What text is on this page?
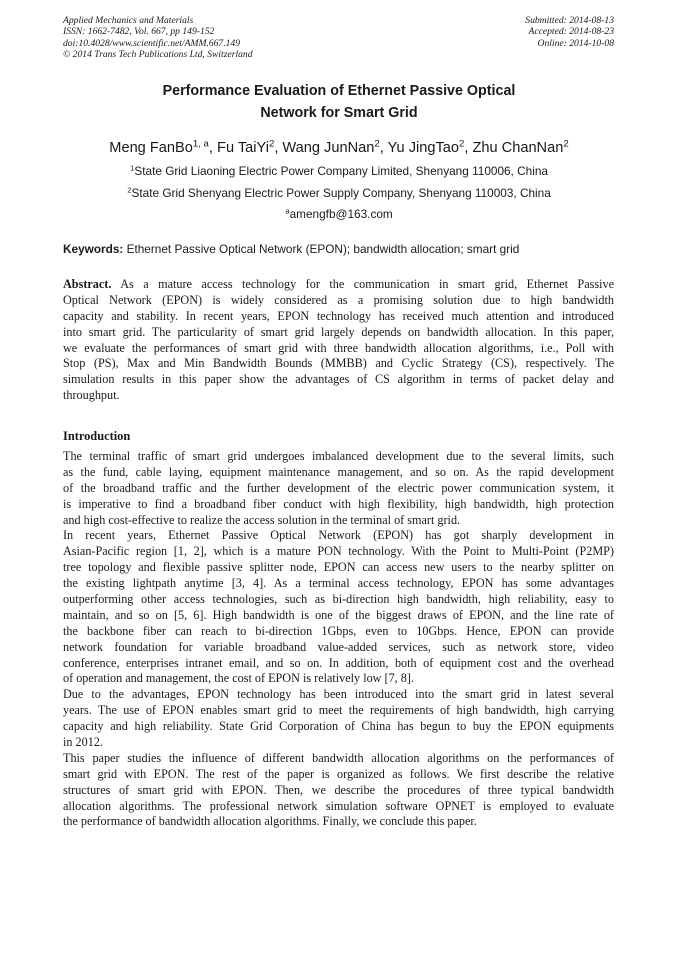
Applied Mechanics and Materials
ISSN: 1662-7482, Vol. 667, pp 149-152
doi:10.4028/www.scientific.net/AMM.667.149
© 2014 Trans Tech Publications Ltd, Switzerland
Submitted: 2014-08-13
Accepted: 2014-08-23
Online: 2014-10-08
Performance Evaluation of Ethernet Passive Optical
Network for Smart Grid
Meng FanBo$^{1, a}$, Fu TaiYi$^2$, Wang JunNan$^2$, Yu JingTao$^2$, Zhu ChanNan$^2$
$^1$State Grid Liaoning Electric Power Company Limited, Shenyang 110006, China
$^2$State Grid Shenyang Electric Power Supply Company, Shenyang 110003, China
$^a$amengfb@163.com
Keywords: Ethernet Passive Optical Network (EPON); bandwidth allocation; smart grid
Abstract. As a mature access technology for the communication in smart grid, Ethernet Passive
Optical Network (EPON) is widely considered as a promising solution due to high bandwidth
capacity and stability. In recent years, EPON technology has received much attention and introduced
into smart grid. The particularity of smart grid largely depends on bandwidth allocation. In this paper,
we evaluate the performances of smart grid with three bandwidth allocation algorithms, i.e., Poll with
Stop (PS), Max and Min Bandwidth Bounds (MMBB) and Cyclic Strategy (CS), respectively. The
simulation results in this paper show the advantages of CS algorithm in terms of packet delay and
throughput.
Introduction
The terminal traffic of smart grid undergoes imbalanced development due to the several limits, such
as the fund, cable laying, equipment maintenance management, and so on. As the rapid development
of the broadband traffic and the further development of the electric power communication system, it
is imperative to find a broadband fiber conduct with high flexibility, high bandwidth, high protection
and high cost-effective to realize the access solution in the terminal of smart grid.
In recent years, Ethernet Passive Optical Network (EPON) has got sharply development in
Asian-Pacific region [1, 2], which is a mature PON technology. With the Point to Multi-Point (P2MP)
tree topology and flexible passive splitter node, EPON can access new users to the nearby splitter on
the existing lightpath anytime [3, 4]. As a terminal access technology, EPON has some advantages
outperforming other access technologies, such as bi-direction high bandwidth, high reliability, easy to
maintain, and so on [5, 6]. High bandwidth is one of the biggest draws of EPON, and the line rate of
the backbone fiber can reach to bi-direction 1Gbps, even to 10Gbps. Hence, EPON can provide
network foundation for variable broadband value-added services, such as network store, video
conference, enterprises intranet email, and so on. In addition, both of equipment cost and the overhead
of operation and management, the cost of EPON is relatively low [7, 8].
Due to the advantages, EPON technology has been introduced into the smart grid in latest several
years. The use of EPON enables smart grid to meet the requirements of high bandwidth, high carrying
capacity and high reliability. State Grid Corporation of China has begun to buy the EPON equipments
in 2012.
This paper studies the influence of different bandwidth allocation algorithms on the performances of
smart grid with EPON. The rest of the paper is organized as follows. We first describe the relative
structures of smart grid with EPON. Then, we describe the procedures of three typical bandwidth
allocation algorithms. The professional network simulation software OPNET is employed to evaluate
the performance of bandwidth allocation algorithms. Finally, we conclude this paper.
